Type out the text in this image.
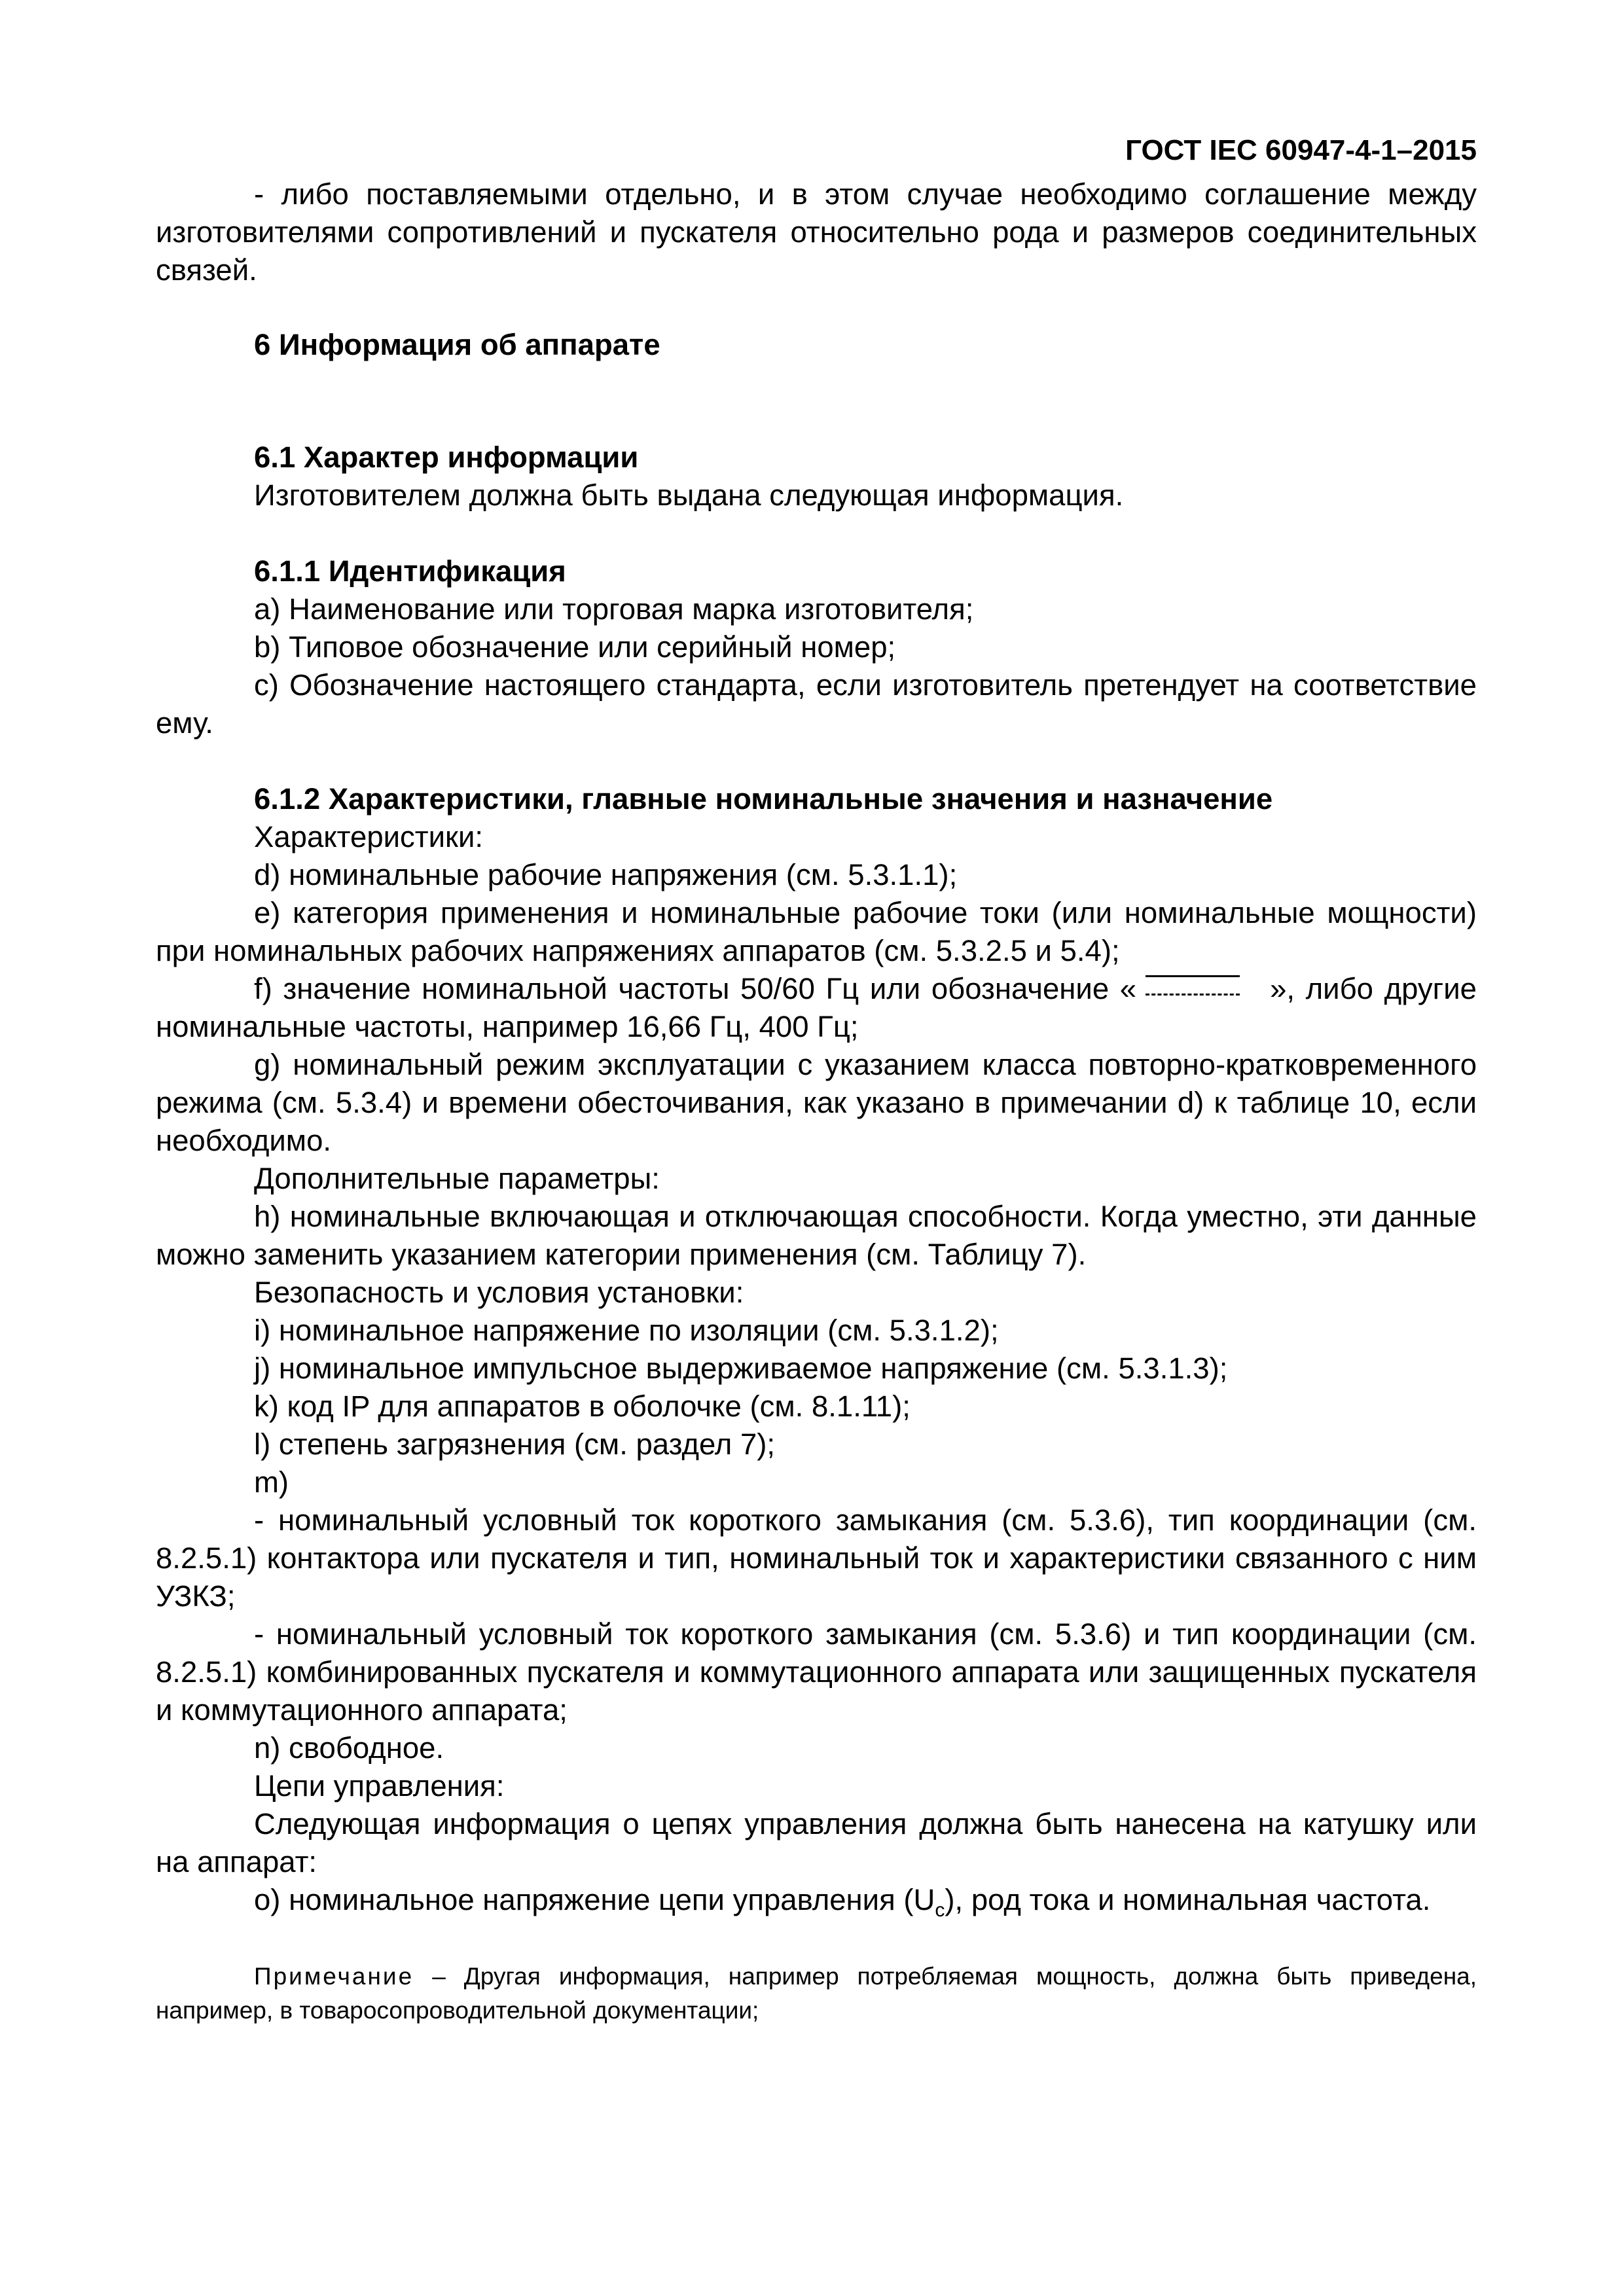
ГОСТ IEC 60947-4-1–2015

- либо поставляемыми отдельно, и в этом случае необходимо соглашение между изготовителями сопротивлений и пускателя относительно рода и размеров соединительных связей.

6 Информация об аппарате

6.1 Характер информации

Изготовителем должна быть выдана следующая информация.

6.1.1 Идентификация

a) Наименование или торговая марка изготовителя;

b) Типовое обозначение или серийный номер;

c) Обозначение настоящего стандарта, если изготовитель претендует на соответствие ему.

6.1.2 Характеристики, главные номинальные значения и назначение

Характеристики:

d) номинальные рабочие напряжения (см. 5.3.1.1);

e) категория применения и номинальные рабочие токи (или номинальные мощности) при номинальных рабочих напряжениях аппаратов (см. 5.3.2.5 и 5.4);

f) значение номинальной частоты 50/60 Гц или обозначение «	», либо другие номинальные частоты, например 16,66 Гц, 400 Гц;

g) номинальный режим эксплуатации с указанием класса повторно-кратковременного режима (см. 5.3.4) и времени обесточивания, как указано в примечании d) к таблице 10, если необходимо.

Дополнительные параметры:

h) номинальные включающая и отключающая способности. Когда уместно, эти данные можно заменить указанием категории применения (см. Таблицу 7).

Безопасность и условия установки:

i) номинальное напряжение по изоляции (см. 5.3.1.2);

j) номинальное импульсное выдерживаемое напряжение (см. 5.3.1.3);

k) код IP для аппаратов в оболочке (см. 8.1.11);

l) степень загрязнения (см. раздел 7);

m)

- номинальный условный ток короткого замыкания (см. 5.3.6), тип координации (см. 8.2.5.1) контактора или пускателя и тип, номинальный ток и характеристики связанного с ним УЗКЗ;

- номинальный условный ток короткого замыкания (см. 5.3.6) и тип координации (см. 8.2.5.1) комбинированных пускателя и коммутационного аппарата или защищенных пускателя и коммутационного аппарата;

n) свободное.

Цепи управления:

Следующая информация о цепях управления должна быть нанесена на катушку или на аппарат:

o) номинальное напряжение цепи управления $(U_c)$, род тока и номинальная частота.

Примечание – Другая информация, например потребляемая мощность, должна быть приведена, например, в товаросопроводительной документации;
